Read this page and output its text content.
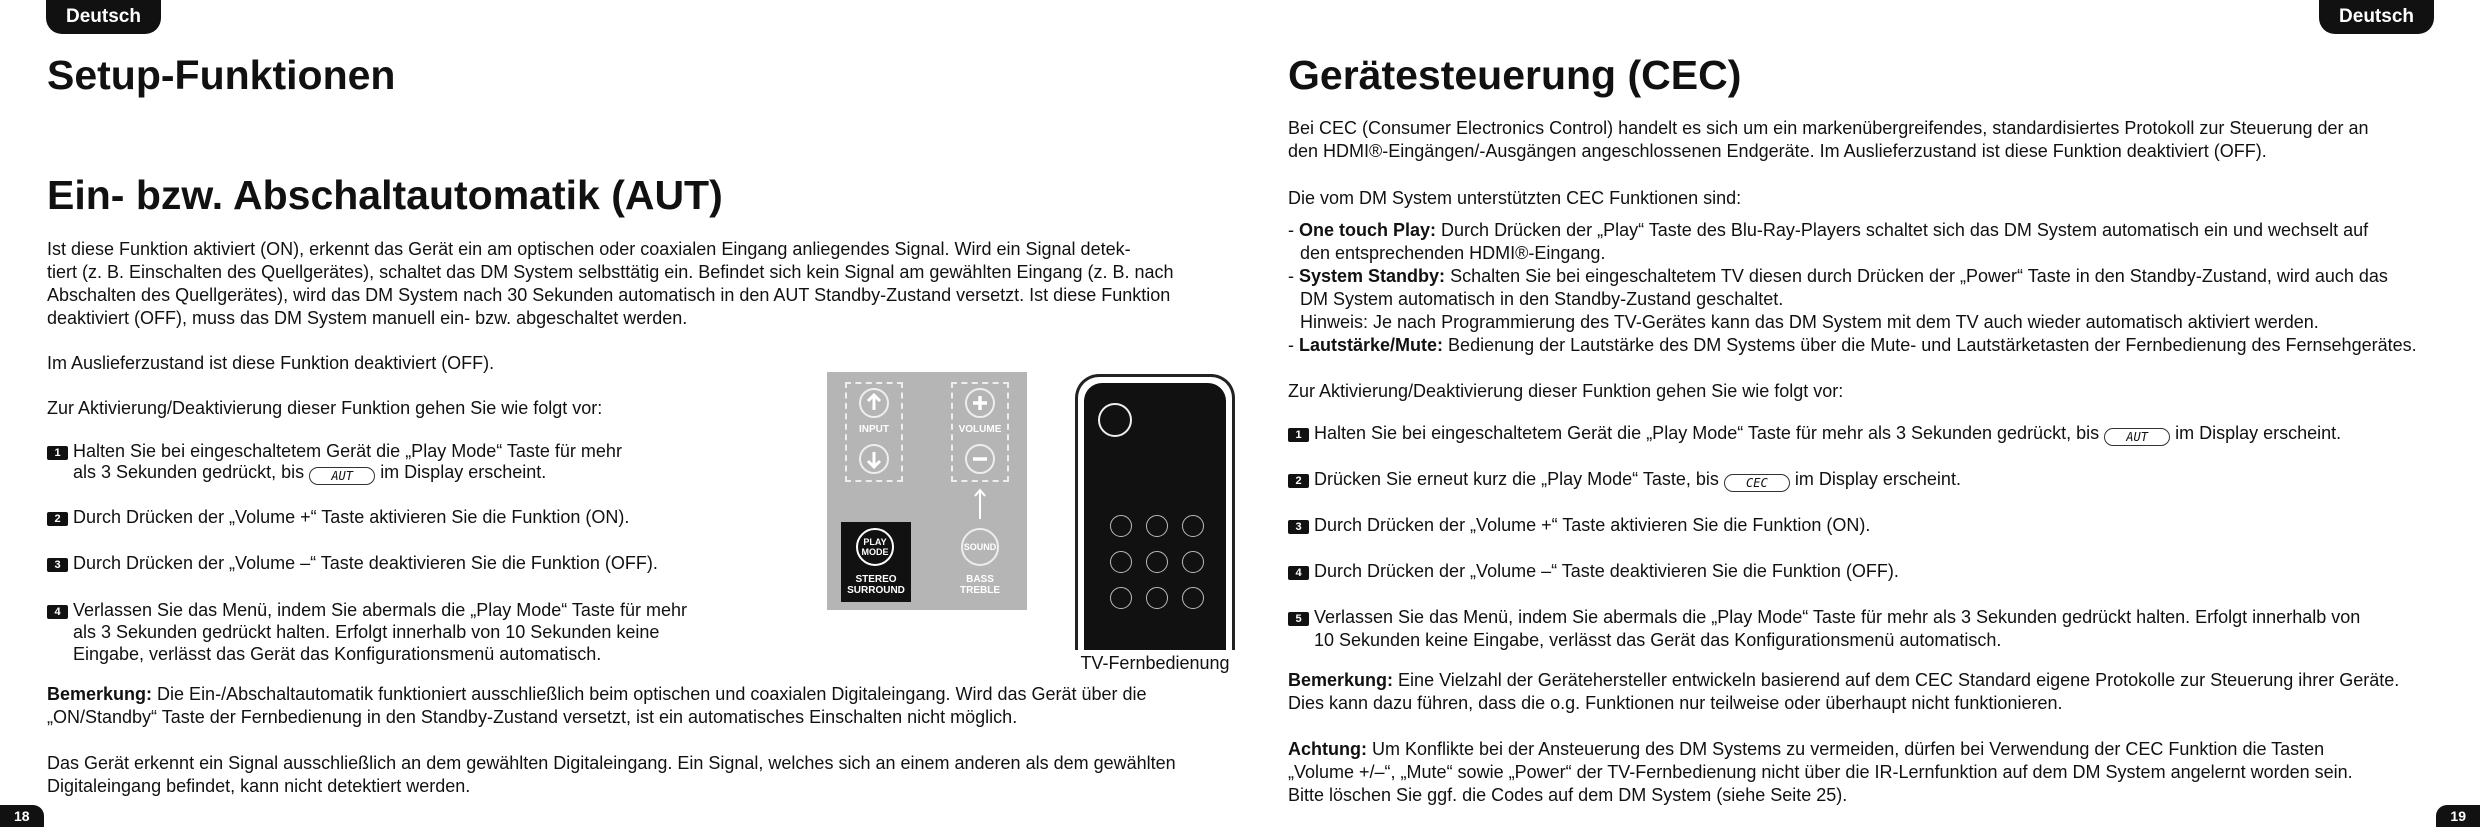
Deutsch	Deutsch
Setup-Funktionen
Ein- bzw. Abschaltautomatik (AUT)
Ist diese Funktion aktiviert (ON), erkennt das Gerät ein am optischen oder coaxialen Eingang anliegendes Signal. Wird ein Signal detek-
tiert (z. B. Einschalten des Quellgerätes), schaltet das DM System selbsttätig ein. Befindet sich kein Signal am gewählten Eingang (z. B. nach
Abschalten des Quellgerätes), wird das DM System nach 30 Sekunden automatisch in den AUT Standby-Zustand versetzt. Ist diese Funktion
deaktiviert (OFF), muss das DM System manuell ein- bzw. abgeschaltet werden.
Im Auslieferzustand ist diese Funktion deaktiviert (OFF).
Zur Aktivierung/Deaktivierung dieser Funktion gehen Sie wie folgt vor:
1 Halten Sie bei eingeschaltetem Gerät die „Play Mode“ Taste für mehr
als 3 Sekunden gedrückt, bis AUT im Display erscheint.
2 Durch Drücken der „Volume +“ Taste aktivieren Sie die Funktion (ON).
3 Durch Drücken der „Volume –“ Taste deaktivieren Sie die Funktion (OFF).
4 Verlassen Sie das Menü, indem Sie abermals die „Play Mode“ Taste für mehr
als 3 Sekunden gedrückt halten. Erfolgt innerhalb von 10 Sekunden keine
Eingabe, verlässt das Gerät das Konfigurationsmenü automatisch.
Bemerkung: Die Ein-/Abschaltautomatik funktioniert ausschließlich beim optischen und coaxialen Digitaleingang. Wird das Gerät über die
„ON/Standby“ Taste der Fernbedienung in den Standby-Zustand versetzt, ist ein automatisches Einschalten nicht möglich.
Das Gerät erkennt ein Signal ausschließlich an dem gewählten Digitaleingang. Ein Signal, welches sich an einem anderen als dem gewählten
Digitaleingang befindet, kann nicht detektiert werden.
INPUT	VOLUME
PLAY
MODE
STEREO
SURROUND
SOUND
BASS
TREBLE
TV-Fernbedienung
Gerätesteuerung (CEC)
Bei CEC (Consumer Electronics Control) handelt es sich um ein markenübergreifendes, standardisiertes Protokoll zur Steuerung der an
den HDMI®-Eingängen/-Ausgängen angeschlossenen Endgeräte. Im Auslieferzustand ist diese Funktion deaktiviert (OFF).
Die vom DM System unterstützten CEC Funktionen sind:
- One touch Play: Durch Drücken der „Play“ Taste des Blu-Ray-Players schaltet sich das DM System automatisch ein und wechselt auf
den entsprechenden HDMI®-Eingang.
- System Standby: Schalten Sie bei eingeschaltetem TV diesen durch Drücken der „Power“ Taste in den Standby-Zustand, wird auch das
DM System automatisch in den Standby-Zustand geschaltet.
Hinweis: Je nach Programmierung des TV-Gerätes kann das DM System mit dem TV auch wieder automatisch aktiviert werden.
- Lautstärke/Mute: Bedienung der Lautstärke des DM Systems über die Mute- und Lautstärketasten der Fernbedienung des Fernsehgerätes.
Zur Aktivierung/Deaktivierung dieser Funktion gehen Sie wie folgt vor:
1 Halten Sie bei eingeschaltetem Gerät die „Play Mode“ Taste für mehr als 3 Sekunden gedrückt, bis AUT im Display erscheint.
2 Drücken Sie erneut kurz die „Play Mode“ Taste, bis CEC im Display erscheint.
3 Durch Drücken der „Volume +“ Taste aktivieren Sie die Funktion (ON).
4 Durch Drücken der „Volume –“ Taste deaktivieren Sie die Funktion (OFF).
5 Verlassen Sie das Menü, indem Sie abermals die „Play Mode“ Taste für mehr als 3 Sekunden gedrückt halten. Erfolgt innerhalb von
10 Sekunden keine Eingabe, verlässt das Gerät das Konfigurationsmenü automatisch.
Bemerkung: Eine Vielzahl der Gerätehersteller entwickeln basierend auf dem CEC Standard eigene Protokolle zur Steuerung ihrer Geräte.
Dies kann dazu führen, dass die o.g. Funktionen nur teilweise oder überhaupt nicht funktionieren.
Achtung: Um Konflikte bei der Ansteuerung des DM Systems zu vermeiden, dürfen bei Verwendung der CEC Funktion die Tasten
„Volume +/–“, „Mute“ sowie „Power“ der TV-Fernbedienung nicht über die IR-Lernfunktion auf dem DM System angelernt worden sein.
Bitte löschen Sie ggf. die Codes auf dem DM System (siehe Seite 25).
18	19
